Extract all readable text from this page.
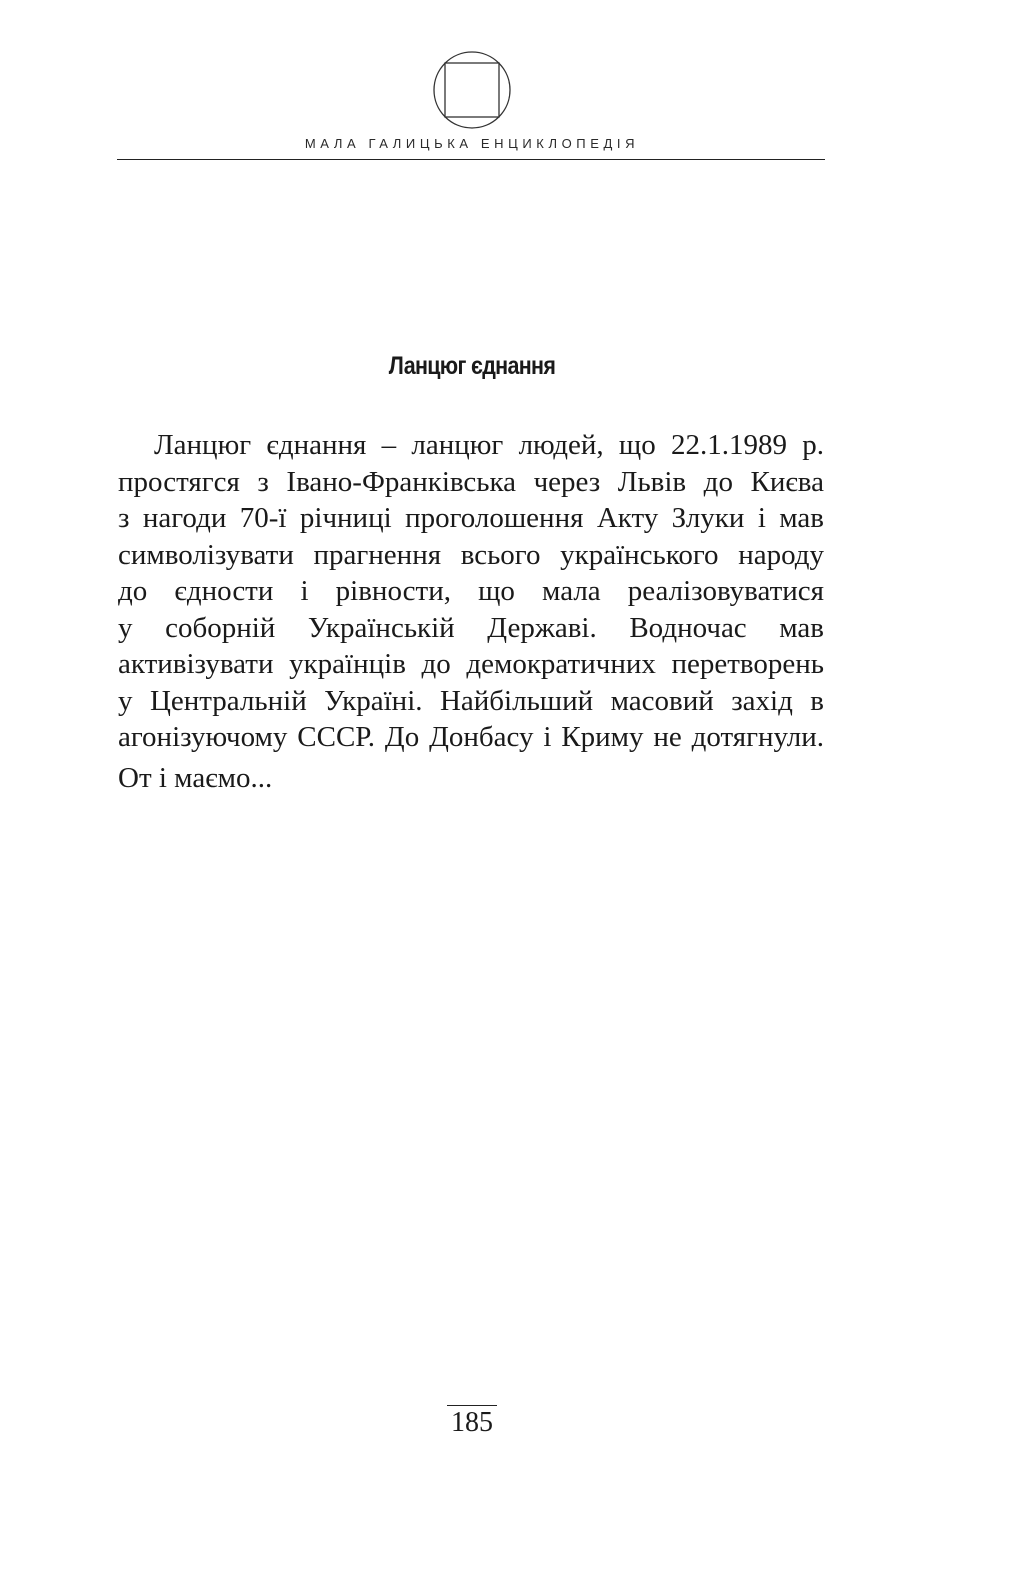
МАЛА ГАЛИЦЬКА ЕНЦИКЛОПЕДІЯ
Ланцюг єднання
Ланцюг єднання – ланцюг людей, що 22.1.1989 р.
простягся з Івано-Франківська через Львів до Києва
з нагоди 70-ї річниці проголошення Акту Злуки і мав
символізувати прагнення всього українського народу
до єдности і рівности, що мала реалізовуватися
у соборній Українській Державі. Водночас мав
активізувати українців до демократичних перетворень
у Центральній Україні. Найбільший масовий захід в
агонізуючому СССР. До Донбасу і Криму не дотягнули.
От і маємо...
185
